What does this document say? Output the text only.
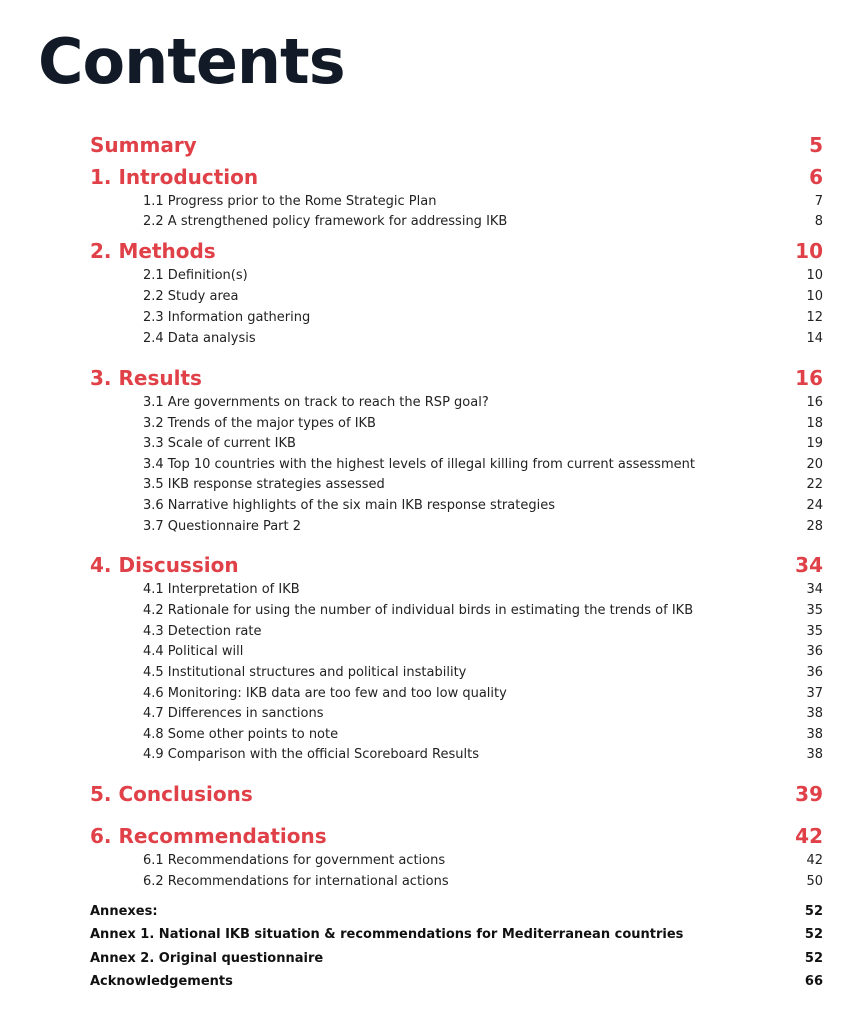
Contents
Summary	5
1. Introduction	6
1.1 Progress prior to the Rome Strategic Plan	7
2.2 A strengthened policy framework for addressing IKB	8
2. Methods	10
2.1 Definition(s)	10
2.2 Study area	10
2.3 Information gathering	12
2.4 Data analysis	14
3. Results	16
3.1 Are governments on track to reach the RSP goal?	16
3.2 Trends of the major types of IKB	18
3.3 Scale of current IKB	19
3.4 Top 10 countries with the highest levels of illegal killing from current assessment	20
3.5 IKB response strategies assessed	22
3.6 Narrative highlights of the six main IKB response strategies	24
3.7 Questionnaire Part 2	28
4. Discussion	34
4.1 Interpretation of IKB	34
4.2 Rationale for using the number of individual birds in estimating the trends of IKB	35
4.3 Detection rate	35
4.4 Political will	36
4.5 Institutional structures and political instability	36
4.6 Monitoring: IKB data are too few and too low quality	37
4.7 Differences in sanctions	38
4.8 Some other points to note	38
4.9 Comparison with the official Scoreboard Results	38
5. Conclusions	39
6. Recommendations	42
6.1 Recommendations for government actions	42
6.2 Recommendations for international actions	50
Annexes:	52
Annex 1. National IKB situation & recommendations for Mediterranean countries	52
Annex 2. Original questionnaire	52
Acknowledgements	66
